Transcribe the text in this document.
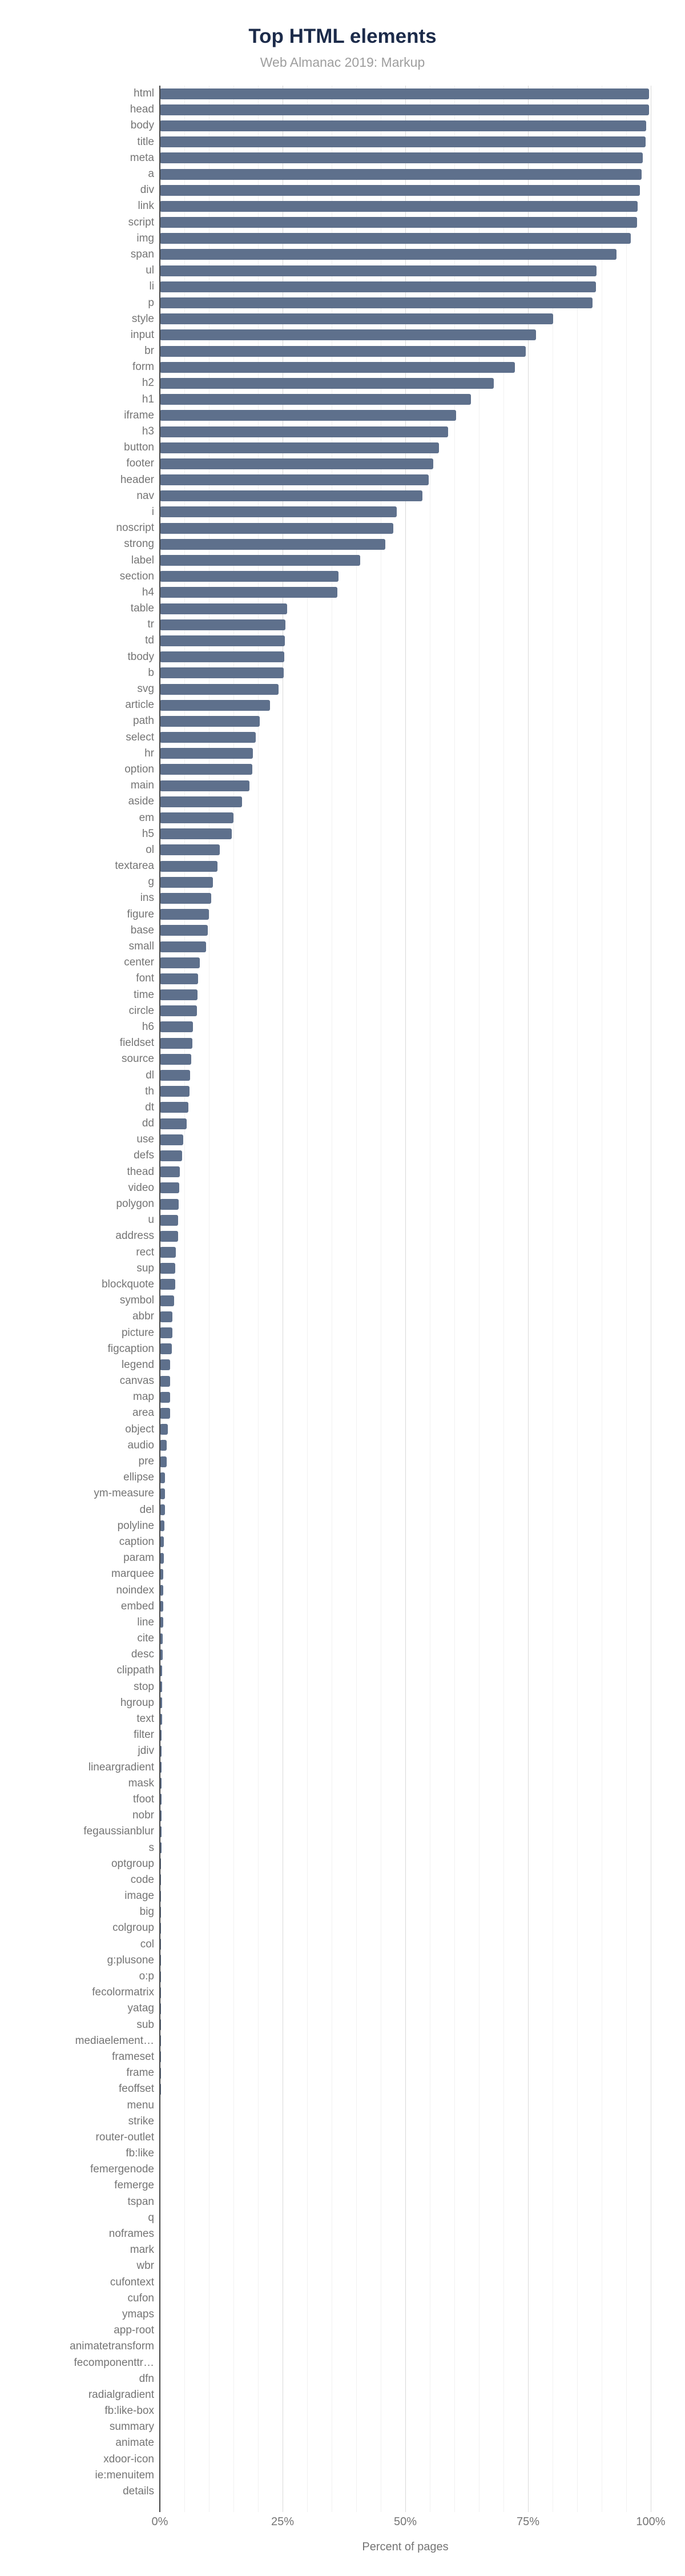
Top HTML elements
Web Almanac 2019: Markup
html
head
body
title
meta
a
div
link
script
img
span
ul
li
p
style
input
br
form
h2
h1
iframe
h3
button
footer
header
nav
i
noscript
strong
label
section
h4
table
tr
td
tbody
b
svg
article
path
select
hr
option
main
aside
em
h5
ol
textarea
g
ins
figure
base
small
center
font
time
circle
h6
fieldset
source
dl
th
dt
dd
use
defs
thead
video
polygon
u
address
rect
sup
blockquote
symbol
abbr
picture
figcaption
legend
canvas
map
area
object
audio
pre
ellipse
ym-measure
del
polyline
caption
param
marquee
noindex
embed
line
cite
desc
clippath
stop
hgroup
text
filter
jdiv
lineargradient
mask
tfoot
nobr
fegaussianblur
s
optgroup
code
image
big
colgroup
col
g:plusone
o:p
fecolormatrix
yatag
sub
mediaelement…
frameset
frame
feoffset
menu
strike
router-outlet
fb:like
femergenode
femerge
tspan
q
noframes
mark
wbr
cufontext
cufon
ymaps
app-root
animatetransform
fecomponenttr…
dfn
radialgradient
fb:like-box
summary
animate
xdoor-icon
ie:menuitem
details
0%	25%	50%	75%	100%
Percent of pages
